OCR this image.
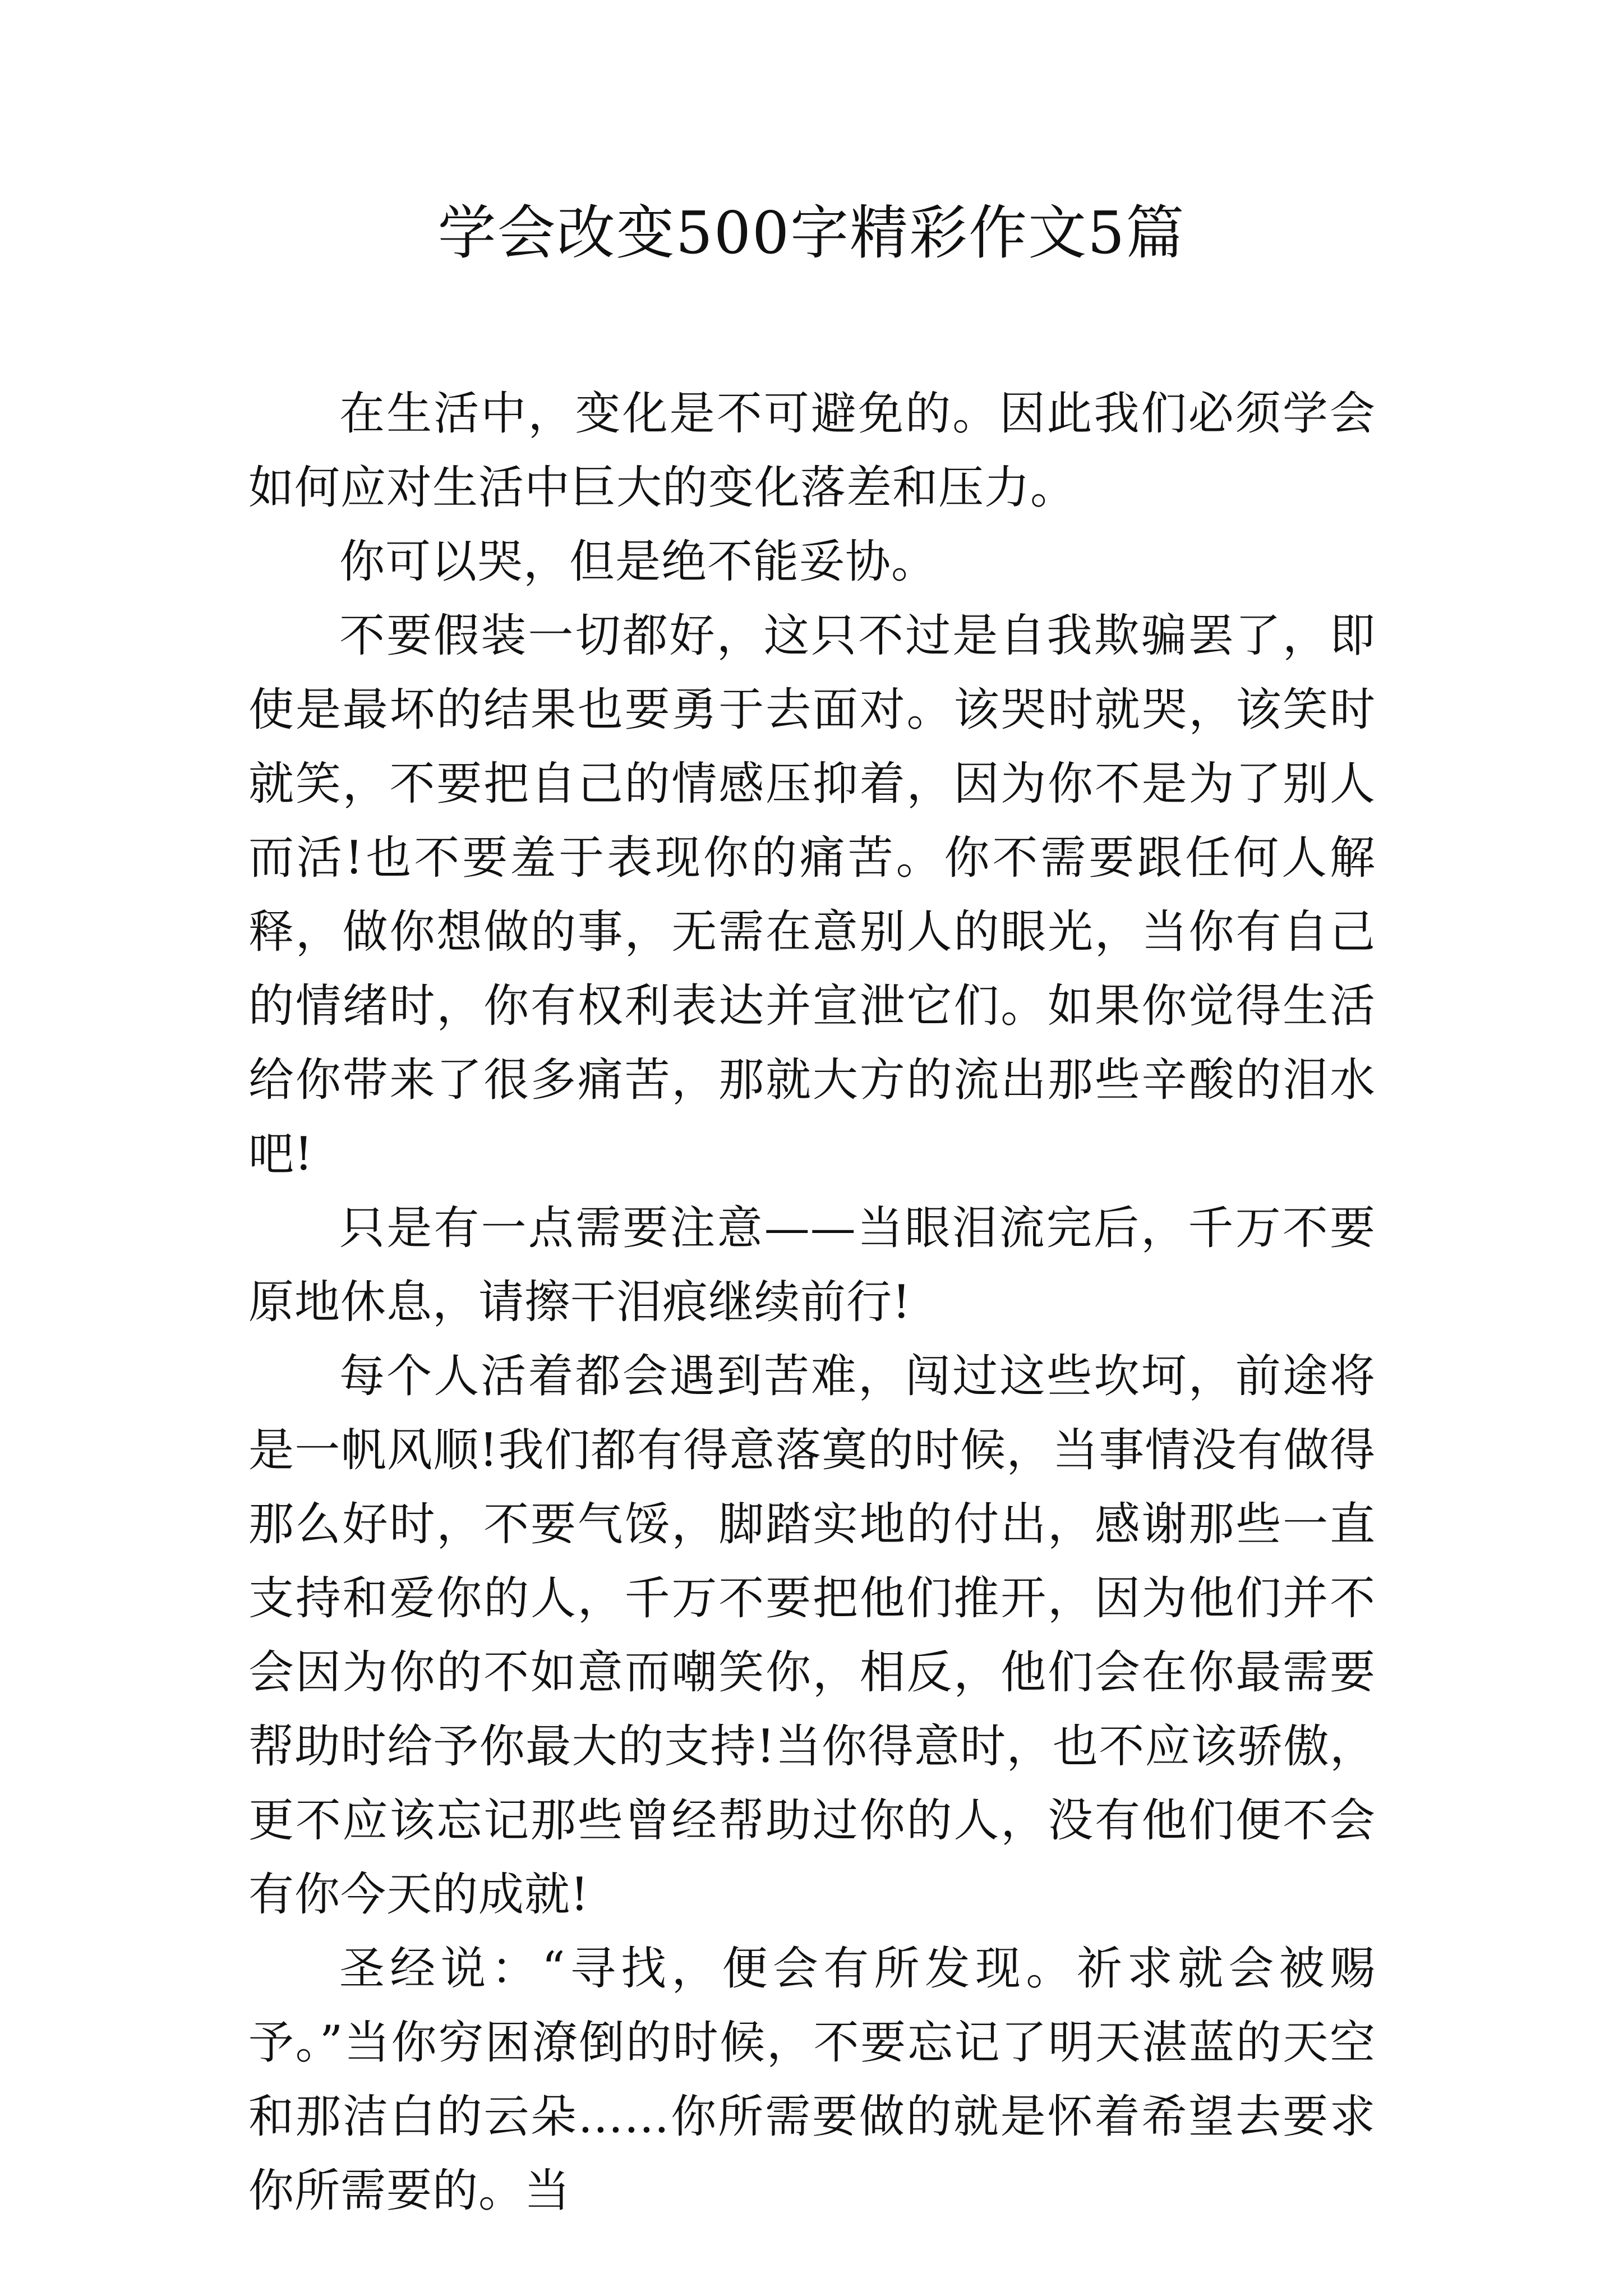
学会改变500字精彩作文5篇

在生活中，变化是不可避免的。因此我们必须学会如何应对生活中巨大的变化落差和压力。

你可以哭，但是绝不能妥协。

不要假装一切都好，这只不过是自我欺骗罢了，即使是最坏的结果也要勇于去面对。该哭时就哭，该笑时就笑，不要把自己的情感压抑着，因为你不是为了别人而活!也不要羞于表现你的痛苦。你不需要跟任何人解释，做你想做的事，无需在意别人的眼光，当你有自己的情绪时，你有权利表达并宣泄它们。如果你觉得生活给你带来了很多痛苦，那就大方的流出那些辛酸的泪水吧!

只是有一点需要注意——当眼泪流完后，千万不要原地休息，请擦干泪痕继续前行!

每个人活着都会遇到苦难，闯过这些坎坷，前途将是一帆风顺!我们都有得意落寞的时候，当事情没有做得那么好时，不要气馁，脚踏实地的付出，感谢那些一直支持和爱你的人，千万不要把他们推开，因为他们并不会因为你的不如意而嘲笑你，相反，他们会在你最需要帮助时给予你最大的支持!当你得意时，也不应该骄傲，更不应该忘记那些曾经帮助过你的人，没有他们便不会有你今天的成就!

圣经说：“寻找，便会有所发现。祈求就会被赐予。”当你穷困潦倒的时候，不要忘记了明天湛蓝的天空和那洁白的云朵……你所需要做的就是怀着希望去要求你所需要的。当
